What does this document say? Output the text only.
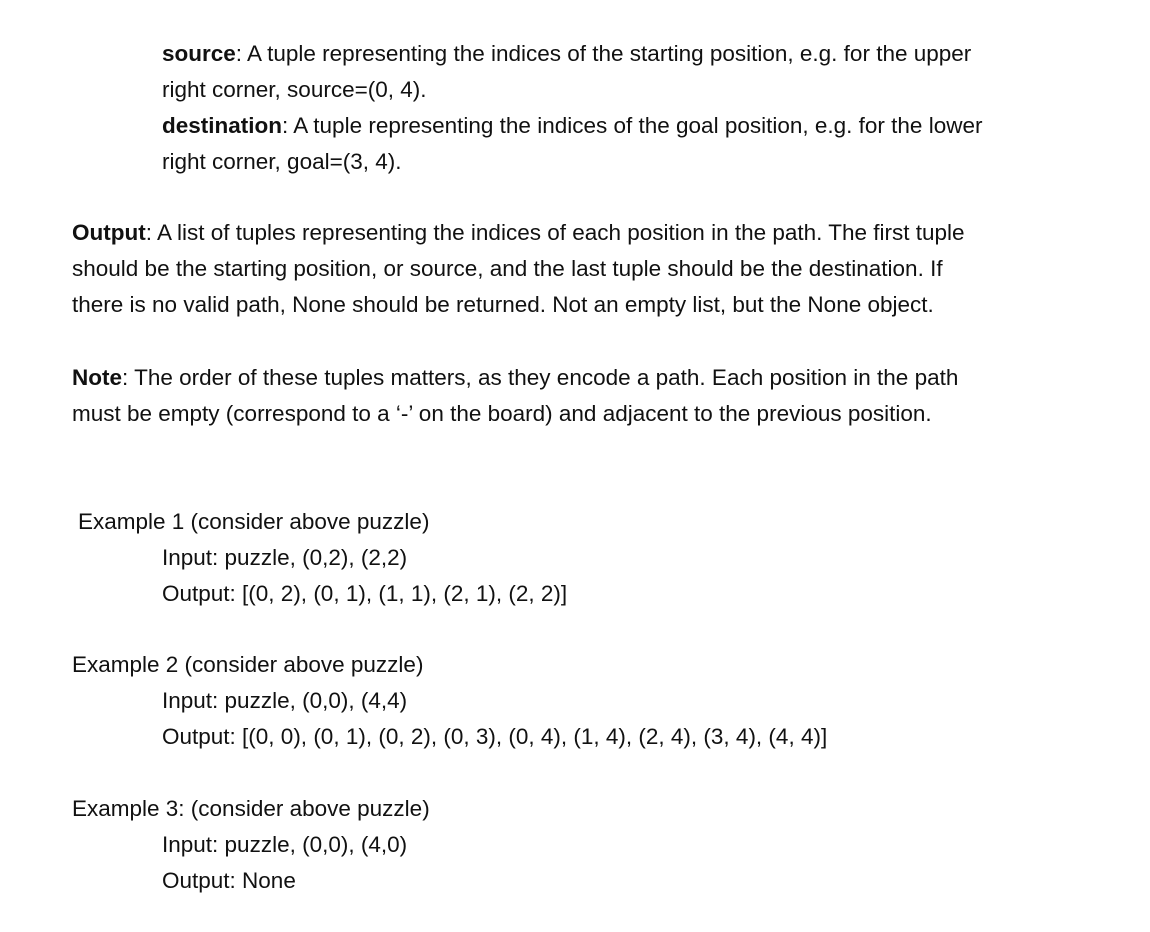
source: A tuple representing the indices of the starting position, e.g. for the upper
right corner, source=(0, 4).
destination: A tuple representing the indices of the goal position, e.g. for the lower
right corner, goal=(3, 4).
Output: A list of tuples representing the indices of each position in the path. The first tuple
should be the starting position, or source, and the last tuple should be the destination. If
there is no valid path, None should be returned. Not an empty list, but the None object.
Note: The order of these tuples matters, as they encode a path. Each position in the path
must be empty (correspond to a ‘-’ on the board) and adjacent to the previous position.
Example 1 (consider above puzzle)
Input: puzzle, (0,2), (2,2)
Output: [(0, 2), (0, 1), (1, 1), (2, 1), (2, 2)]
Example 2 (consider above puzzle)
Input: puzzle, (0,0), (4,4)
Output: [(0, 0), (0, 1), (0, 2), (0, 3), (0, 4), (1, 4), (2, 4), (3, 4), (4, 4)]
Example 3: (consider above puzzle)
Input: puzzle, (0,0), (4,0)
Output: None
